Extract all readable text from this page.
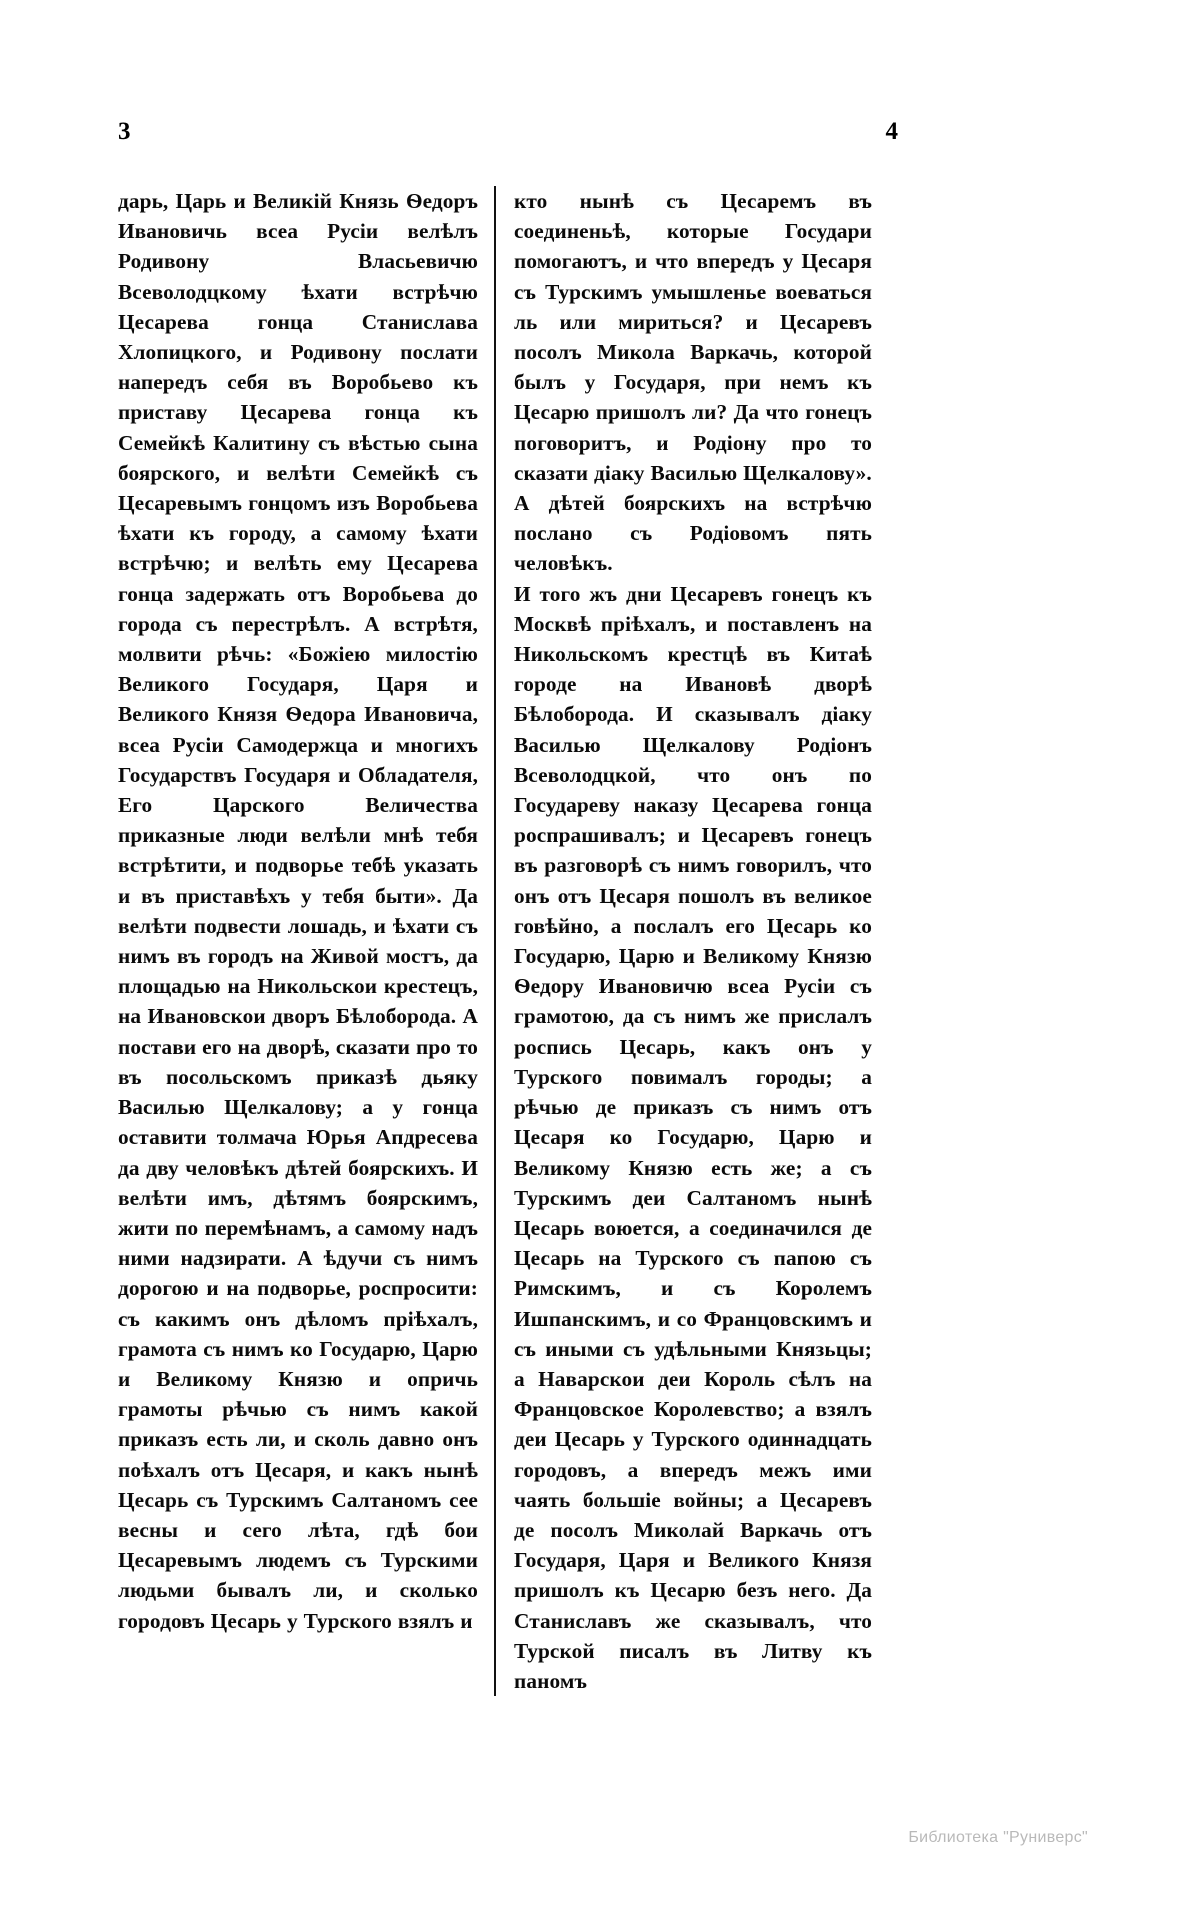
3	4

дарь, Царь и Великiй Князь Ѳедоръ Ивановичь всеа Русiи велѣлъ Родивону Власьевичю Всеволодцкому ѣхати встрѣчю Цесарева гонца Станислава Хлопицкого, и Родивону послати напередъ себя въ Воробьево къ приставу Цесарева гонца къ Семейкѣ Калитину съ вѣстью сына боярского, и велѣти Семейкѣ съ Цесаревымъ гонцомъ изъ Воробьева ѣхати къ городу, а самому ѣхати встрѣчю; и велѣть ему Цесарева гонца задержать отъ Воробьева до города съ перестрѣлъ. А встрѣтя, молвити рѣчь: «Божiею милостiю Великого Государя, Царя и Великого Князя Ѳедора Ивановича, всеа Русiи Самодержца и многихъ Государствъ Государя и Обладателя, Его Царского Величества приказные люди велѣли мнѣ тебя встрѣтити, и подворье тебѣ указать и въ приставѣхъ у тебя быти». Да велѣти подвести лошадь, и ѣхати съ нимъ въ городъ на Живой мостъ, да площадью на Никольскои крестецъ, на Ивановскои дворъ Бѣлоборода. А постави его на дворѣ, сказати про то въ посольскомъ приказѣ дьяку Василью Щелкалову; а у гонца оставити толмача Юрья Апдресева да дву человѣкъ дѣтей боярскихъ. И велѣти имъ, дѣтямъ боярскимъ, жити по перемѣнамъ, а самому надъ ними надзирати. А ѣдучи съ нимъ дорогою и на подворье, роспросити: съ какимъ онъ дѣломъ прiѣхалъ, грамота съ нимъ ко Государю, Царю и Великому Князю и опричь грамоты рѣчью съ нимъ какой приказъ есть ли, и сколь давно онъ поѣхалъ отъ Цесаря, и какъ нынѣ Цесарь съ Турскимъ Салтаномъ сее весны и сего лѣта, гдѣ бои Цесаревымъ людемъ съ Турскими людьми бывалъ ли, и сколько городовъ Цесарь у Турского взялъ и

кто нынѣ съ Цесаремъ въ соединеньѣ, которые Государи помогаютъ, и что впередъ у Цесаря съ Турскимъ умышленье воеваться ль или мириться? и Цесаревъ посолъ Микола Варкачь, которой былъ у Государя, при немъ къ Цесарю пришолъ ли? Да что гонецъ поговоритъ, и Родiону про то сказати дiаку Василью Щелкалову».

А дѣтей боярскихъ на встрѣчю послано съ Родiовомъ пять человѣкъ.

И того жъ дни Цесаревъ гонецъ къ Москвѣ прiѣхалъ, и поставленъ на Никольскомъ крестцѣ въ Китаѣ городе на Ивановѣ дворѣ Бѣлоборода. И сказывалъ дiаку Василью Щелкалову Родiонъ Всеволодцкой, что онъ по Государеву наказу Цесарева гонца роспрашивалъ; и Цесаревъ гонецъ въ разговорѣ съ нимъ говорилъ, что онъ отъ Цесаря пошолъ въ великое говѣйно, а послалъ его Цесарь ко Государю, Царю и Великому Князю Ѳедору Ивановичю всеа Русiи съ грамотою, да съ нимъ же прислалъ роспись Цесарь, какъ онъ у Турского повималъ городы; а рѣчью де приказъ съ нимъ отъ Цесаря ко Государю, Царю и Великому Князю есть же; а съ Турскимъ деи Салтаномъ нынѣ Цесарь воюется, а соединачился де Цесарь на Турского съ папою съ Римскимъ, и съ Королемъ Ишпанскимъ, и со Францовскимъ и съ иными съ удѣльными Князьцы; а Наварскои деи Король сѣлъ на Францовское Королевство; а взялъ деи Цесарь у Турского одиннадцать городовъ, а впередъ межъ ими чаять большiе войны; а Цесаревъ де посолъ Миколай Варкачь отъ Государя, Царя и Великого Князя пришолъ къ Цесарю безъ него. Да Станиславъ же сказывалъ, что Турской писалъ въ Литву къ паномъ

Библиотека "Руниверс"
